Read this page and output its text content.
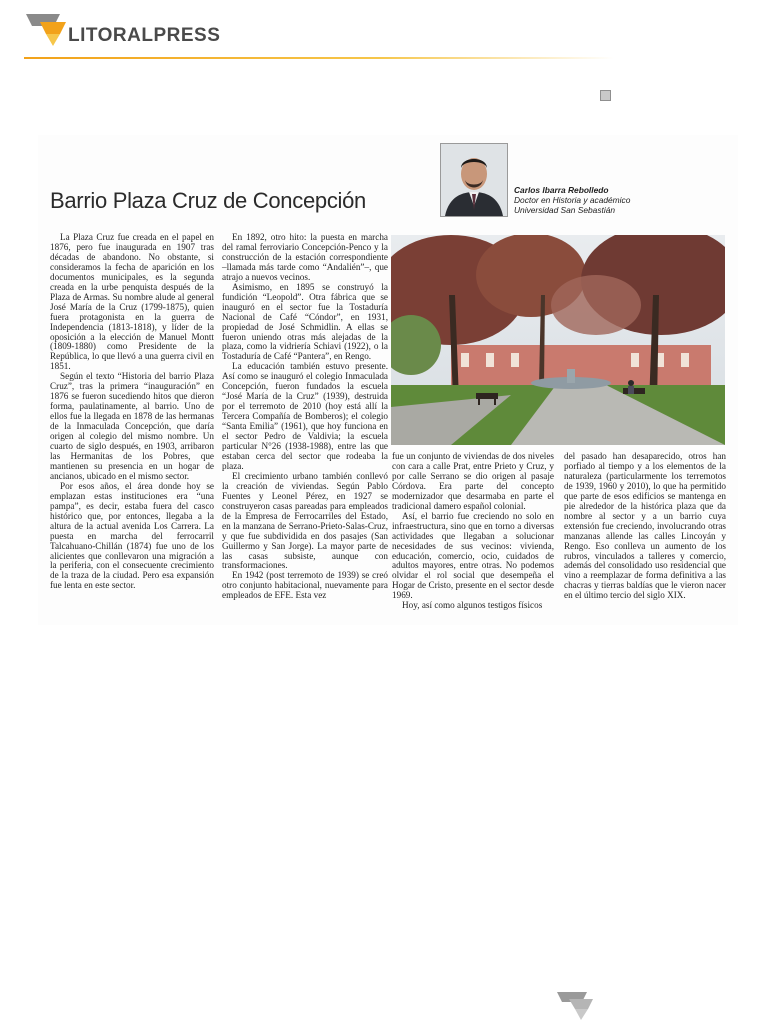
LITORALPRESS
Carlos Ibarra Rebolledo
Doctor en Historia y académico
Universidad San Sebastián
Barrio Plaza Cruz de Concepción

La Plaza Cruz fue creada en el papel en 1876, pero fue inaugurada en 1907 tras décadas de abandono. No obstante, si consideramos la fecha de aparición en los documentos municipales, es la segunda creada en la urbe penquista después de la Plaza de Armas. Su nombre alude al general José María de la Cruz (1799-1875), quien fuera protagonista en la guerra de Independencia (1813-1818), y líder de la oposición a la elección de Manuel Montt (1809-1880) como Presidente de la República, lo que llevó a una guerra civil en 1851.

Según el texto “Historia del barrio Plaza Cruz”, tras la primera “inauguración” en 1876 se fueron sucediendo hitos que dieron forma, paulatinamente, al barrio. Uno de ellos fue la llegada en 1878 de las hermanas de la Inmaculada Concepción, que daría origen al colegio del mismo nombre. Un cuarto de siglo después, en 1903, arribaron las Hermanitas de los Pobres, que mantienen su presencia en un hogar de ancianos, ubicado en el mismo sector.

Por esos años, el área donde hoy se emplazan estas instituciones era “una pampa”, es decir, estaba fuera del casco histórico que, por entonces, llegaba a la altura de la actual avenida Los Carrera. La puesta en marcha del ferrocarril Talcahuano-Chillán (1874) fue uno de los alicientes que conllevaron una migración a la periferia, con el consecuente crecimiento de la traza de la ciudad. Pero esa expansión fue lenta en este sector.

En 1892, otro hito: la puesta en marcha del ramal ferroviario Concepción-Penco y la construcción de la estación correspondiente –llamada más tarde como “Andalién”–, que atrajo a nuevos vecinos.

Asimismo, en 1895 se construyó la fundición “Leopold”. Otra fábrica que se inauguró en el sector fue la Tostaduría Nacional de Café “Cóndor”, en 1931, propiedad de José Schmidlin. A ellas se fueron uniendo otras más alejadas de la plaza, como la vidriería Schiavi (1922), o la Tostaduría de Café “Pantera”, en Rengo.

La educación también estuvo presente. Así como se inauguró el colegio Inmaculada Concepción, fueron fundados la escuela “José María de la Cruz” (1939), destruida por el terremoto de 2010 (hoy está allí la Tercera Compañía de Bomberos); el colegio “Santa Emilia” (1961), que hoy funciona en el sector Pedro de Valdivia; la escuela particular N°26 (1938-1988), entre las que estaban cerca del sector que rodeaba la plaza.

El crecimiento urbano también conllevó la creación de viviendas. Según Pablo Fuentes y Leonel Pérez, en 1927 se construyeron casas pareadas para empleados de la Empresa de Ferrocarriles del Estado, en la manzana de Serrano-Prieto-Salas-Cruz, y que fue subdividida en dos pasajes (San Guillermo y San Jorge). La mayor parte de las casas subsiste, aunque con transformaciones.

En 1942 (post terremoto de 1939) se creó otro conjunto habitacional, nuevamente para empleados de EFE. Esta vez

fue un conjunto de viviendas de dos niveles con cara a calle Prat, entre Prieto y Cruz, y por calle Serrano se dio origen al pasaje Córdova. Era parte del concepto modernizador que desarmaba en parte el tradicional damero español colonial.

Así, el barrio fue creciendo no solo en infraestructura, sino que en torno a diversas actividades que llegaban a solucionar necesidades de sus vecinos: vivienda, educación, comercio, ocio, cuidados de adultos mayores, entre otras. No podemos olvidar el rol social que desempeña el Hogar de Cristo, presente en el sector desde 1969.

Hoy, así como algunos testigos físicos

del pasado han desaparecido, otros han porfiado al tiempo y a los elementos de la naturaleza (particularmente los terremotos de 1939, 1960 y 2010), lo que ha permitido que parte de esos edificios se mantenga en pie alrededor de la histórica plaza que da nombre al sector y a un barrio cuya extensión fue creciendo, involucrando otras manzanas allende las calles Lincoyán y Rengo. Eso conlleva un aumento de los rubros, vinculados a talleres y comercio, además del consolidado uso residencial que vino a reemplazar de forma definitiva a las chacras y tierras baldías que le vieron nacer en el último tercio del siglo XIX.
